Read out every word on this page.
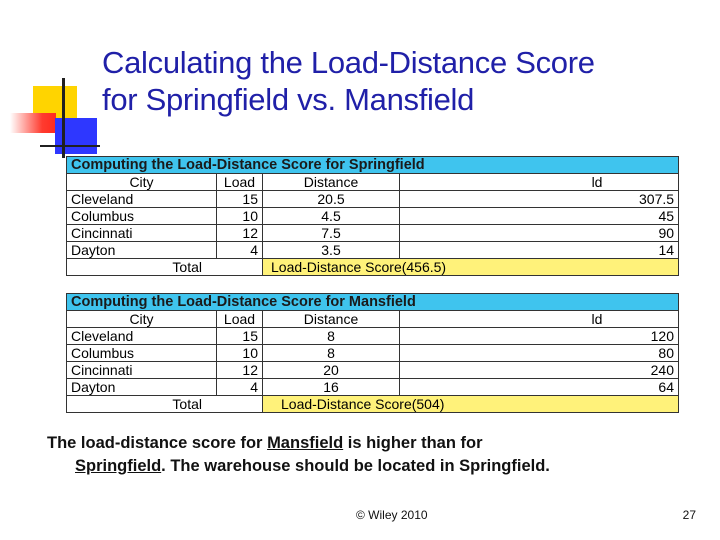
Calculating the Load-Distance Score
for Springfield vs. Mansfield
Computing the Load-Distance Score for Springfield			
City	Load	Distance	ld
Cleveland	15	20.5	307.5
Columbus	10	4.5	45
Cincinnati	12	7.5	90
Dayton	4	3.5	14
Total		Load-Distance Score(456.5)	
Computing the Load-Distance Score for Mansfield			
City	Load	Distance	ld
Cleveland	15	8	120
Columbus	10	8	80
Cincinnati	12	20	240
Dayton	4	16	64
Total		Load-Distance Score(504)	
The load-distance score for Mansfield is higher than for
Springfield. The warehouse should be located in Springfield.
© Wiley 2010	27
